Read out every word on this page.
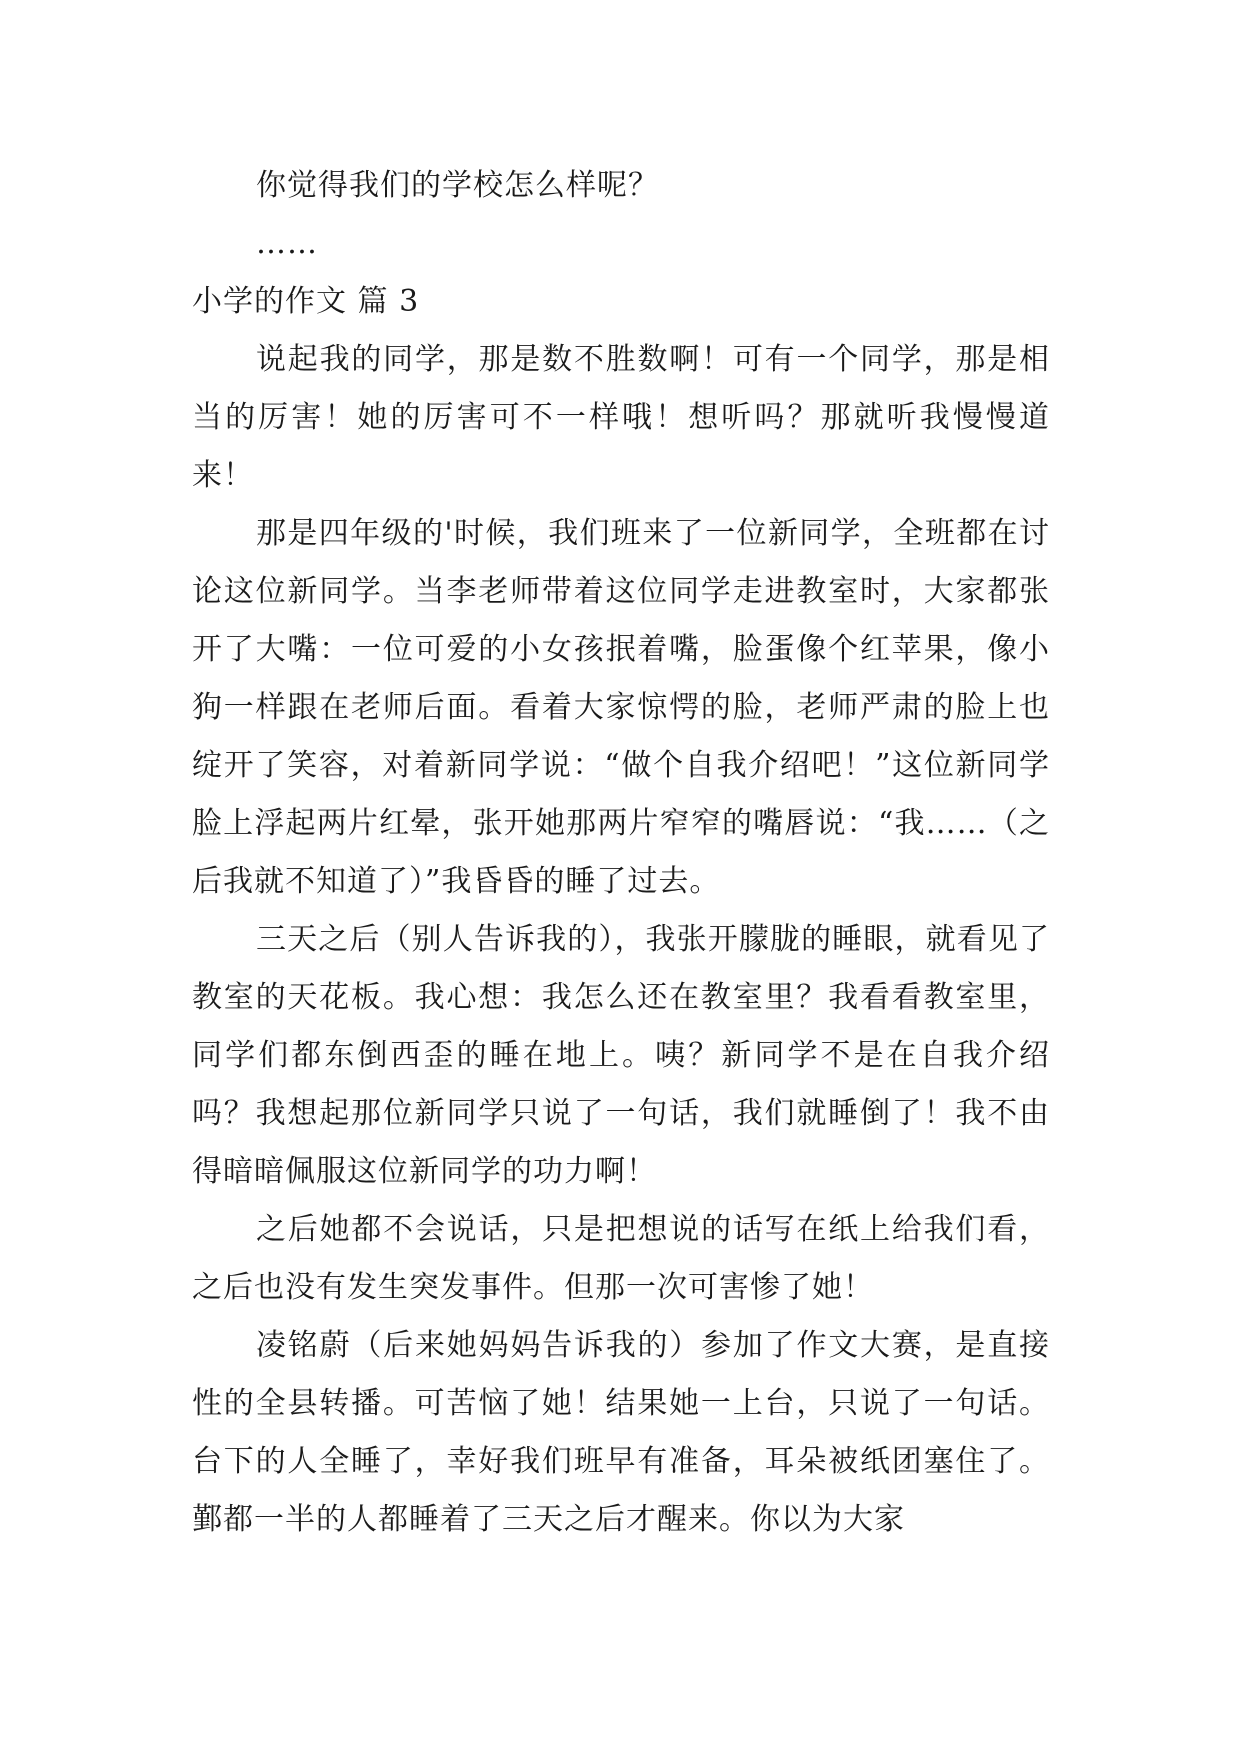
你觉得我们的学校怎么样呢？
……
小学的作文 篇 3

说起我的同学，那是数不胜数啊！可有一个同学，那是相当的厉害！她的厉害可不一样哦！想听吗？那就听我慢慢道来！

那是四年级的'时候，我们班来了一位新同学，全班都在讨论这位新同学。当李老师带着这位同学走进教室时，大家都张开了大嘴：一位可爱的小女孩抿着嘴，脸蛋像个红苹果，像小狗一样跟在老师后面。看着大家惊愕的脸，老师严肃的脸上也绽开了笑容，对着新同学说：“做个自我介绍吧！”这位新同学脸上浮起两片红晕，张开她那两片窄窄的嘴唇说：“我……（之后我就不知道了）”我昏昏的睡了过去。

三天之后（别人告诉我的），我张开朦胧的睡眼，就看见了教室的天花板。我心想：我怎么还在教室里？我看看教室里，同学们都东倒西歪的睡在地上。咦？新同学不是在自我介绍吗？我想起那位新同学只说了一句话，我们就睡倒了！我不由得暗暗佩服这位新同学的功力啊！

之后她都不会说话，只是把想说的话写在纸上给我们看，之后也没有发生突发事件。但那一次可害惨了她！

凌铭蔚（后来她妈妈告诉我的）参加了作文大赛，是直接性的全县转播。可苦恼了她！结果她一上台，只说了一句话。台下的人全睡了，幸好我们班早有准备，耳朵被纸团塞住了。鄞都一半的人都睡着了三天之后才醒来。你以为大家
